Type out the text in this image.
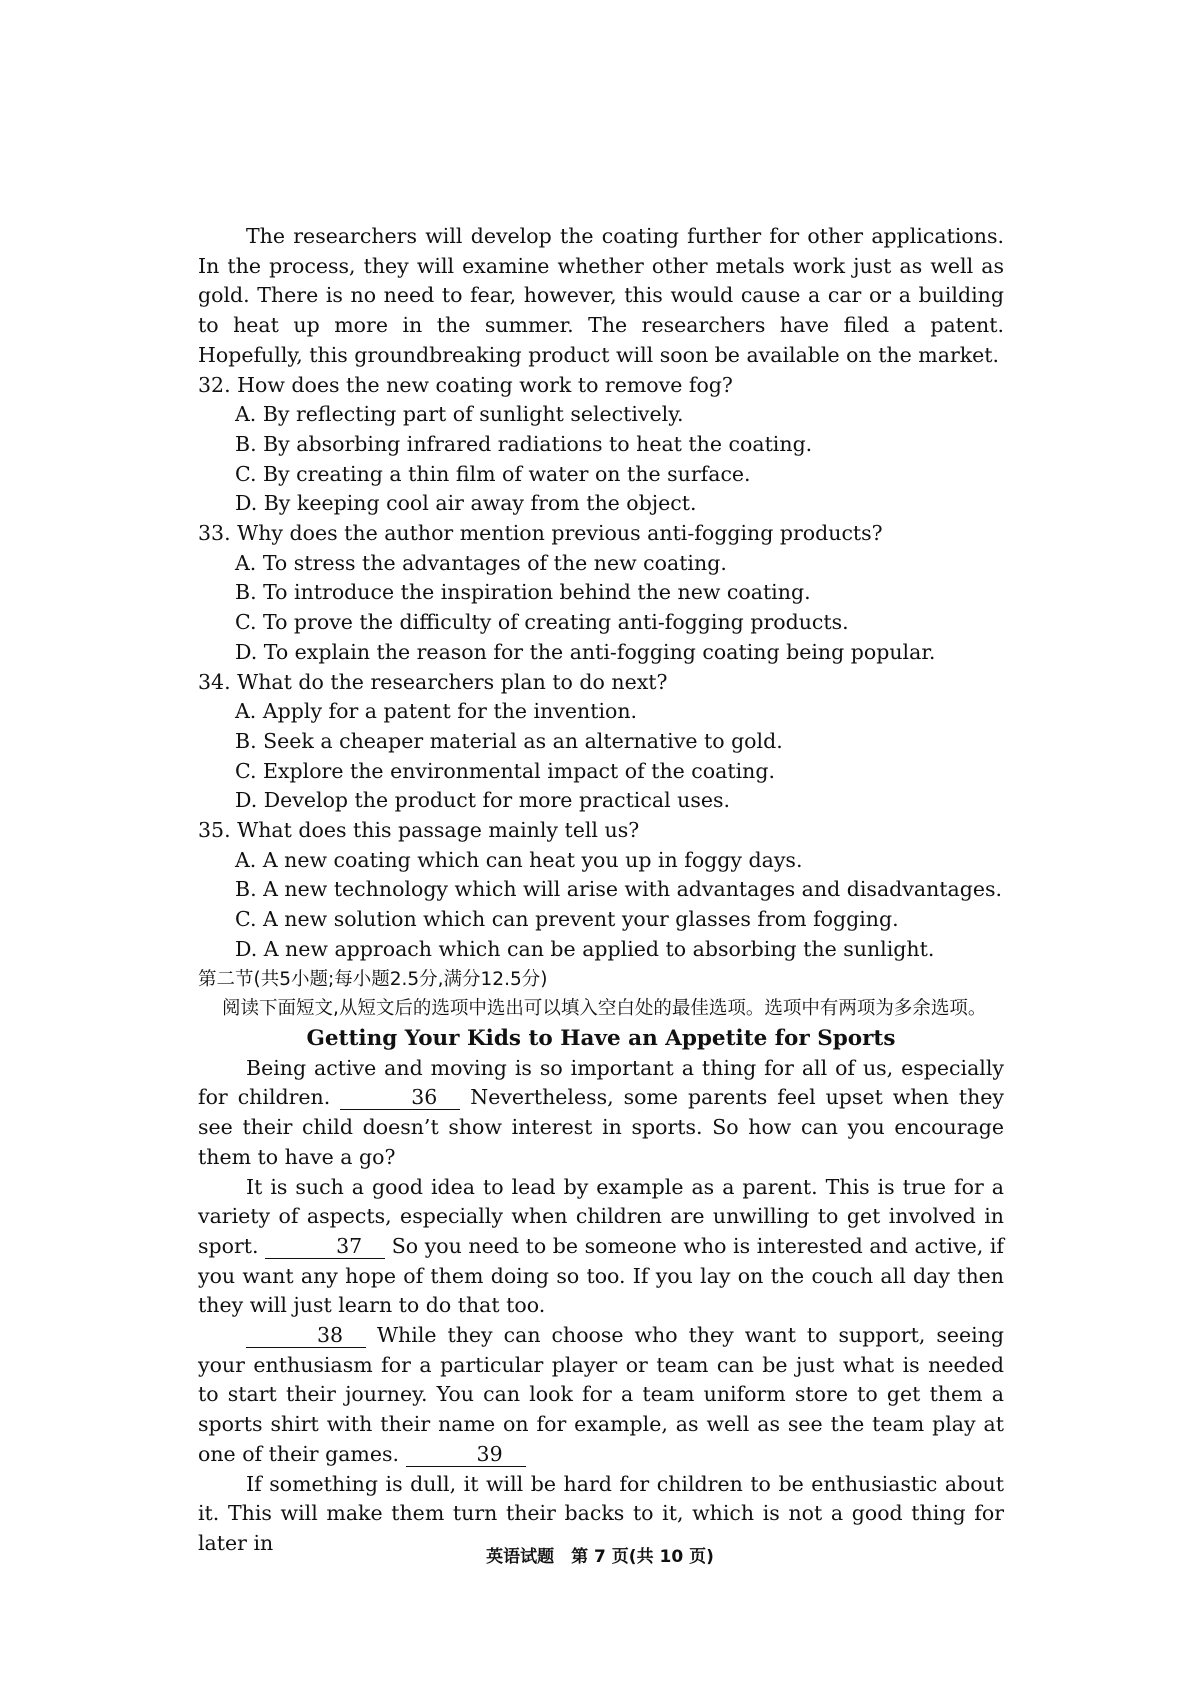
The researchers will develop the coating further for other applications. In the process, they will examine whether other metals work just as well as gold. There is no need to fear, however, this would cause a car or a building to heat up more in the summer. The researchers have filed a patent. Hopefully, this groundbreaking product will soon be available on the market.

32. How does the new coating work to remove fog?

A. By reflecting part of sunlight selectively.

B. By absorbing infrared radiations to heat the coating.

C. By creating a thin film of water on the surface.

D. By keeping cool air away from the object.

33. Why does the author mention previous anti-fogging products?

A. To stress the advantages of the new coating.

B. To introduce the inspiration behind the new coating.

C. To prove the difficulty of creating anti-fogging products.

D. To explain the reason for the anti-fogging coating being popular.

34. What do the researchers plan to do next?

A. Apply for a patent for the invention.

B. Seek a cheaper material as an alternative to gold.

C. Explore the environmental impact of the coating.

D. Develop the product for more practical uses.

35. What does this passage mainly tell us?

A. A new coating which can heat you up in foggy days.

B. A new technology which will arise with advantages and disadvantages.

C. A new solution which can prevent your glasses from fogging.

D. A new approach which can be applied to absorbing the sunlight.

第二节(共5小题;每小题2.5分,满分12.5分)

阅读下面短文,从短文后的选项中选出可以填入空白处的最佳选项。选项中有两项为多余选项。

Getting Your Kids to Have an Appetite for Sports

Being active and moving is so important a thing for all of us, especially for children.	36 Nevertheless, some parents feel upset when they see their child doesn’t show interest in sports. So how can you encourage them to have a go?

It is such a good idea to lead by example as a parent. This is true for a variety of aspects, especially when children are unwilling to get involved in sport.	37 So you need to be someone who is interested and active, if you want any hope of them doing so too. If you lay on the couch all day then they will just learn to do that too.

38 While they can choose who they want to support, seeing your enthusiasm for a particular player or team can be just what is needed to start their journey. You can look for a team uniform store to get them a sports shirt with their name on for example, as well as see the team play at one of their games.	39

If something is dull, it will be hard for children to be enthusiastic about it. This will make them turn their backs to it, which is not a good thing for later in

英语试题　第 7 页(共 10 页)
